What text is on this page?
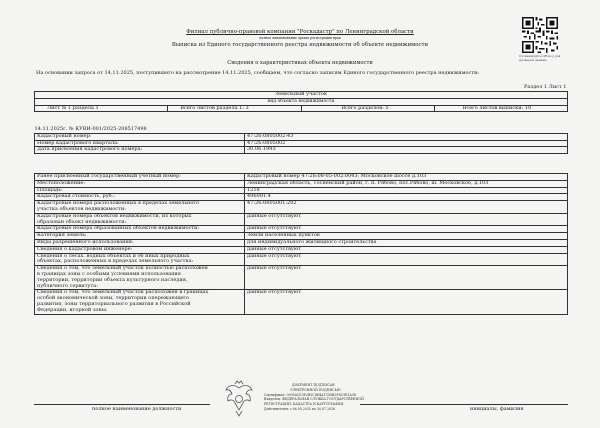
Филиал публично-правовой компании "Роскадастр" по Ленинградской области
полное наименование органа регистрации прав
Выписка из Единого государственного реестра недвижимости об объекте недвижимости
Сведения о характеристиках объекта недвижимости
На основании запроса от 14.11.2025, поступившего на рассмотрение 14.11.2025, сообщаем, что согласно записям Единого государственного реестра недвижимости:
Отсканируйте QR-код для
проверки данных
Раздел 1 Лист 1
Земельный участок
вид объекта недвижимости
Лист № 1 раздела 1	Всего листов раздела 1: 3	Всего разделов: 5	Всего листов выписки: 10
14.11.2025г. № КУВИ-001/2025-208517498	
Кадастровый номер:	47:26:0805002:43
Номер кадастрового квартала:	47:26:0805002
Дата присвоения кадастрового номера:	30.06.1993
Ранее присвоенный государственный учетный номер:	Кадастровый номер 47:26:08-05-002:0043; Московское шоссе д.103

Местоположение:	Ленинградская область, Тосненский район, г. п. Рябово, пос.Рябово, ш. Московское, д.103

Площадь:	1218

Кадастровая стоимость, руб.:	496091.4

Кадастровые номера расположенных в пределах земельного
участка объектов недвижимости:	47:26:0805001:202

Кадастровые номера объектов недвижимости, из которых
образован объект недвижимости:	данные отсутствуют

Кадастровые номера образованных объектов недвижимости:	данные отсутствуют

Категория земель:	Земли населенных пунктов

Виды разрешенного использования:	для индивидуального жилищного строительства

Сведения о кадастровом инженере:	данные отсутствуют

Сведения о лесах, водных объектах и об иных природных
объектах, расположенных в пределах земельного участка:	данные отсутствуют

Сведения о том, что земельный участок полностью расположен
в границах зоны с особыми условиями использования
территории, территории объекта культурного наследия,
публичного сервитута:	данные отсутствуют

Сведения о том, что земельный участок расположен в границах
особой экономической зоны, территории опережающего
развития, зоны территориального развития в Российской
Федерации, игорной зоны:	данные отсутствуют
ДОКУМЕНТ ПОДПИСАН
ЭЛЕКТРОННОЙ ПОДПИСЬЮ
Сертификат: 0090A1D3F2B5C8E4A17D8B2F6C9E1A3D
Владелец: ФЕДЕРАЛЬНАЯ СЛУЖБА ГОСУДАРСТВЕННОЙ
РЕГИСТРАЦИИ, КАДАСТРА И КАРТОГРАФИИ
Действителен: с 06.05.2025 по 30.07.2026
полное наименование должности	инициалы, фамилия
